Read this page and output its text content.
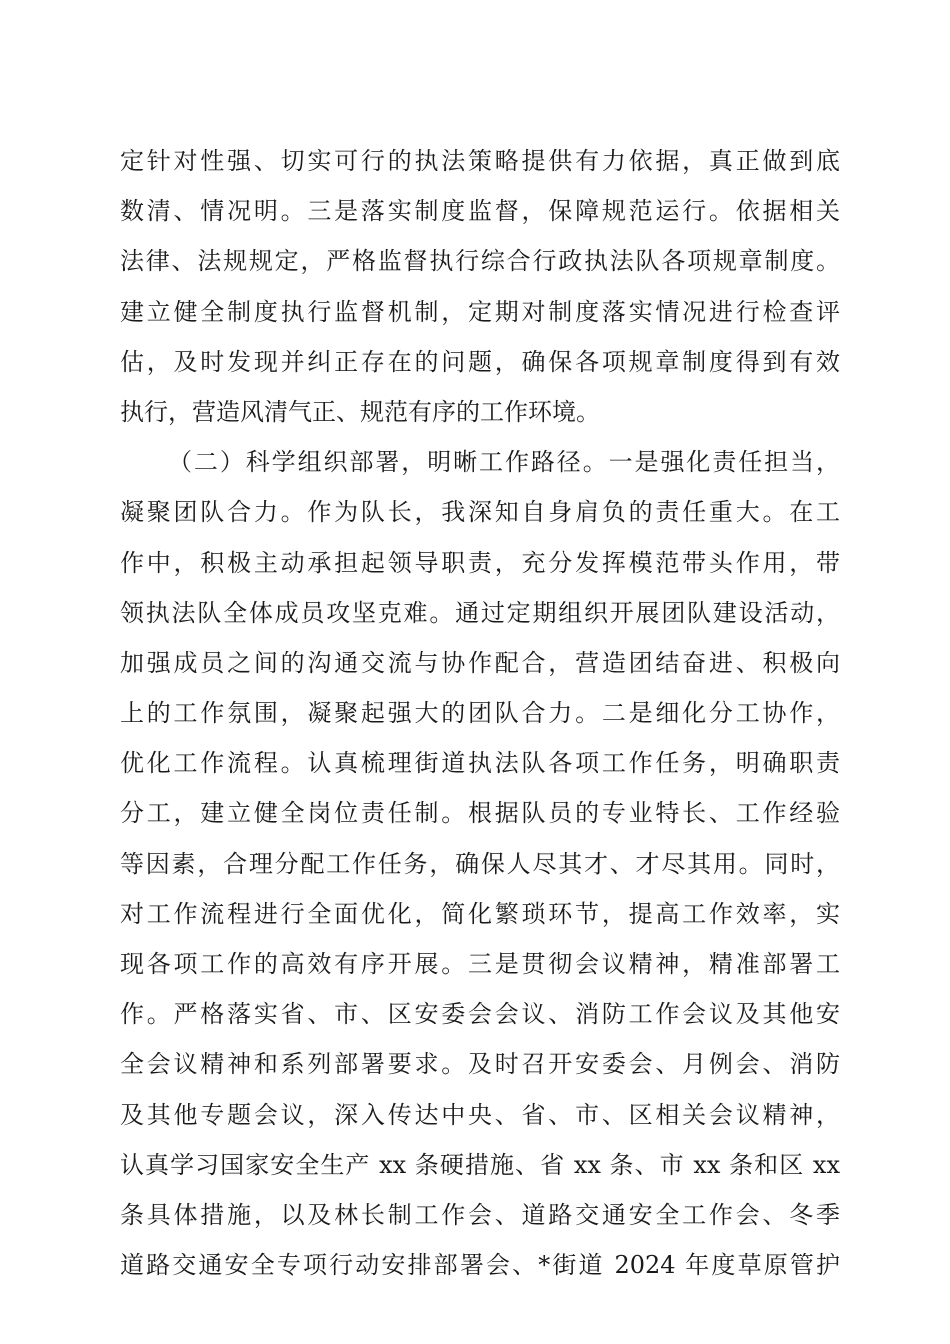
定针对性强、切实可行的执法策略提供有力依据，真正做到底
数清、情况明。三是落实制度监督，保障规范运行。依据相关
法律、法规规定，严格监督执行综合行政执法队各项规章制度。
建立健全制度执行监督机制，定期对制度落实情况进行检查评
估，及时发现并纠正存在的问题，确保各项规章制度得到有效
执行，营造风清气正、规范有序的工作环境。
（二）科学组织部署，明晰工作路径。一是强化责任担当，
凝聚团队合力。作为队长，我深知自身肩负的责任重大。在工
作中，积极主动承担起领导职责，充分发挥模范带头作用，带
领执法队全体成员攻坚克难。通过定期组织开展团队建设活动，
加强成员之间的沟通交流与协作配合，营造团结奋进、积极向
上的工作氛围，凝聚起强大的团队合力。二是细化分工协作，
优化工作流程。认真梳理街道执法队各项工作任务，明确职责
分工，建立健全岗位责任制。根据队员的专业特长、工作经验
等因素，合理分配工作任务，确保人尽其才、才尽其用。同时，
对工作流程进行全面优化，简化繁琐环节，提高工作效率，实
现各项工作的高效有序开展。三是贯彻会议精神，精准部署工
作。严格落实省、市、区安委会会议、消防工作会议及其他安
全会议精神和系列部署要求。及时召开安委会、月例会、消防
及其他专题会议，深入传达中央、省、市、区相关会议精神，
认真学习国家安全生产 xx 条硬措施、省 xx 条、市 xx 条和区 xx
条具体措施，以及林长制工作会、道路交通安全工作会、冬季
道路交通安全专项行动安排部署会、*街道 2024 年度草原管护
